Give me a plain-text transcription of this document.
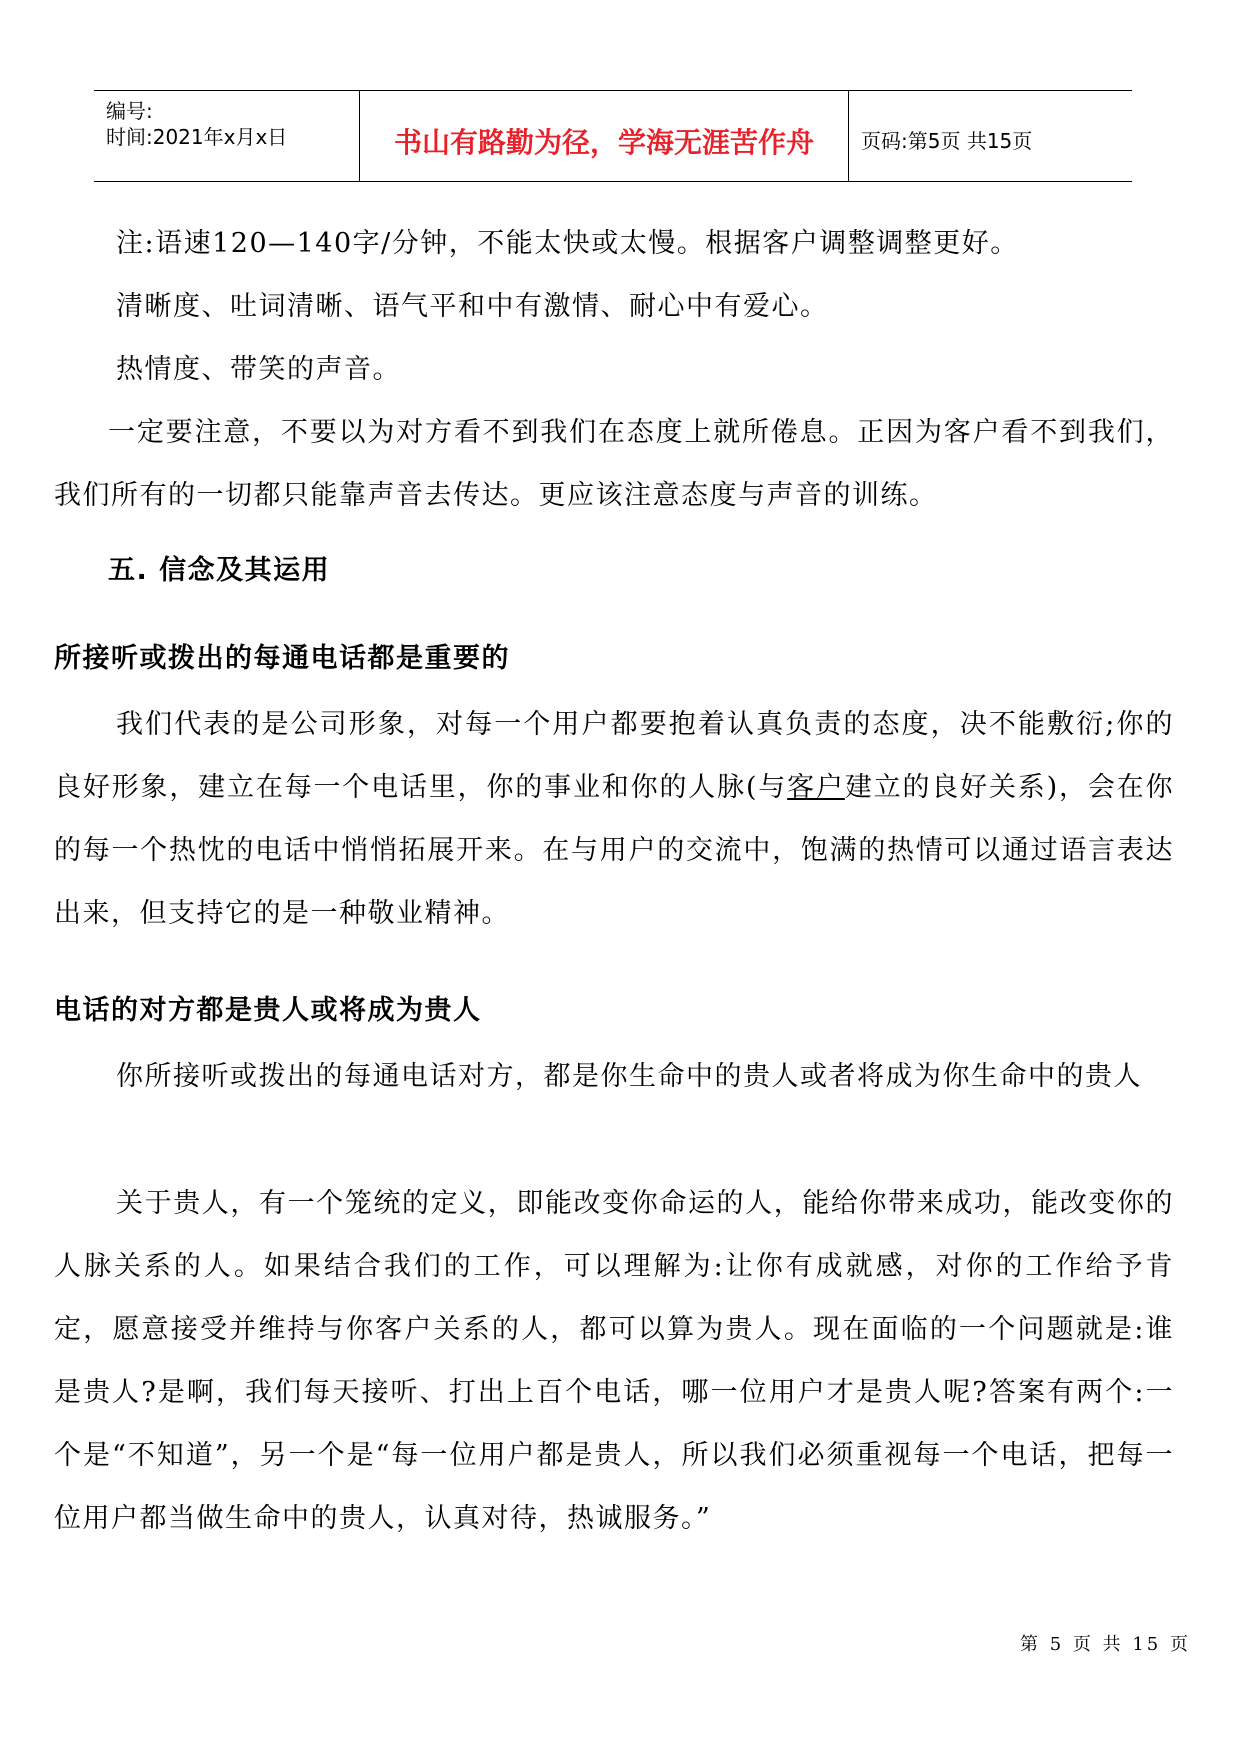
编号:
时间:2021年x月x日	书山有路勤为径，学海无涯苦作舟	页码:第5页 共15页
注:语速120—140字/分钟，不能太快或太慢。根据客户调整调整更好。
清晰度、吐词清晰、语气平和中有激情、耐心中有爱心。
热情度、带笑的声音。
一定要注意，不要以为对方看不到我们在态度上就所倦息。正因为客户看不到我们，我们所有的一切都只能靠声音去传达。更应该注意态度与声音的训练。
五. 信念及其运用
所接听或拨出的每通电话都是重要的
我们代表的是公司形象，对每一个用户都要抱着认真负责的态度，决不能敷衍;你的良好形象，建立在每一个电话里，你的事业和你的人脉(与客户建立的良好关系)，会在你的每一个热忱的电话中悄悄拓展开来。在与用户的交流中，饱满的热情可以通过语言表达出来，但支持它的是一种敬业精神。
电话的对方都是贵人或将成为贵人
你所接听或拨出的每通电话对方，都是你生命中的贵人或者将成为你生命中的贵人
关于贵人，有一个笼统的定义，即能改变你命运的人，能给你带来成功，能改变你的人脉关系的人。如果结合我们的工作，可以理解为:让你有成就感，对你的工作给予肯定，愿意接受并维持与你客户关系的人，都可以算为贵人。现在面临的一个问题就是:谁是贵人?是啊，我们每天接听、打出上百个电话，哪一位用户才是贵人呢?答案有两个:一个是“不知道”，另一个是“每一位用户都是贵人，所以我们必须重视每一个电话，把每一位用户都当做生命中的贵人，认真对待，热诚服务。”
第 5 页 共 15 页
